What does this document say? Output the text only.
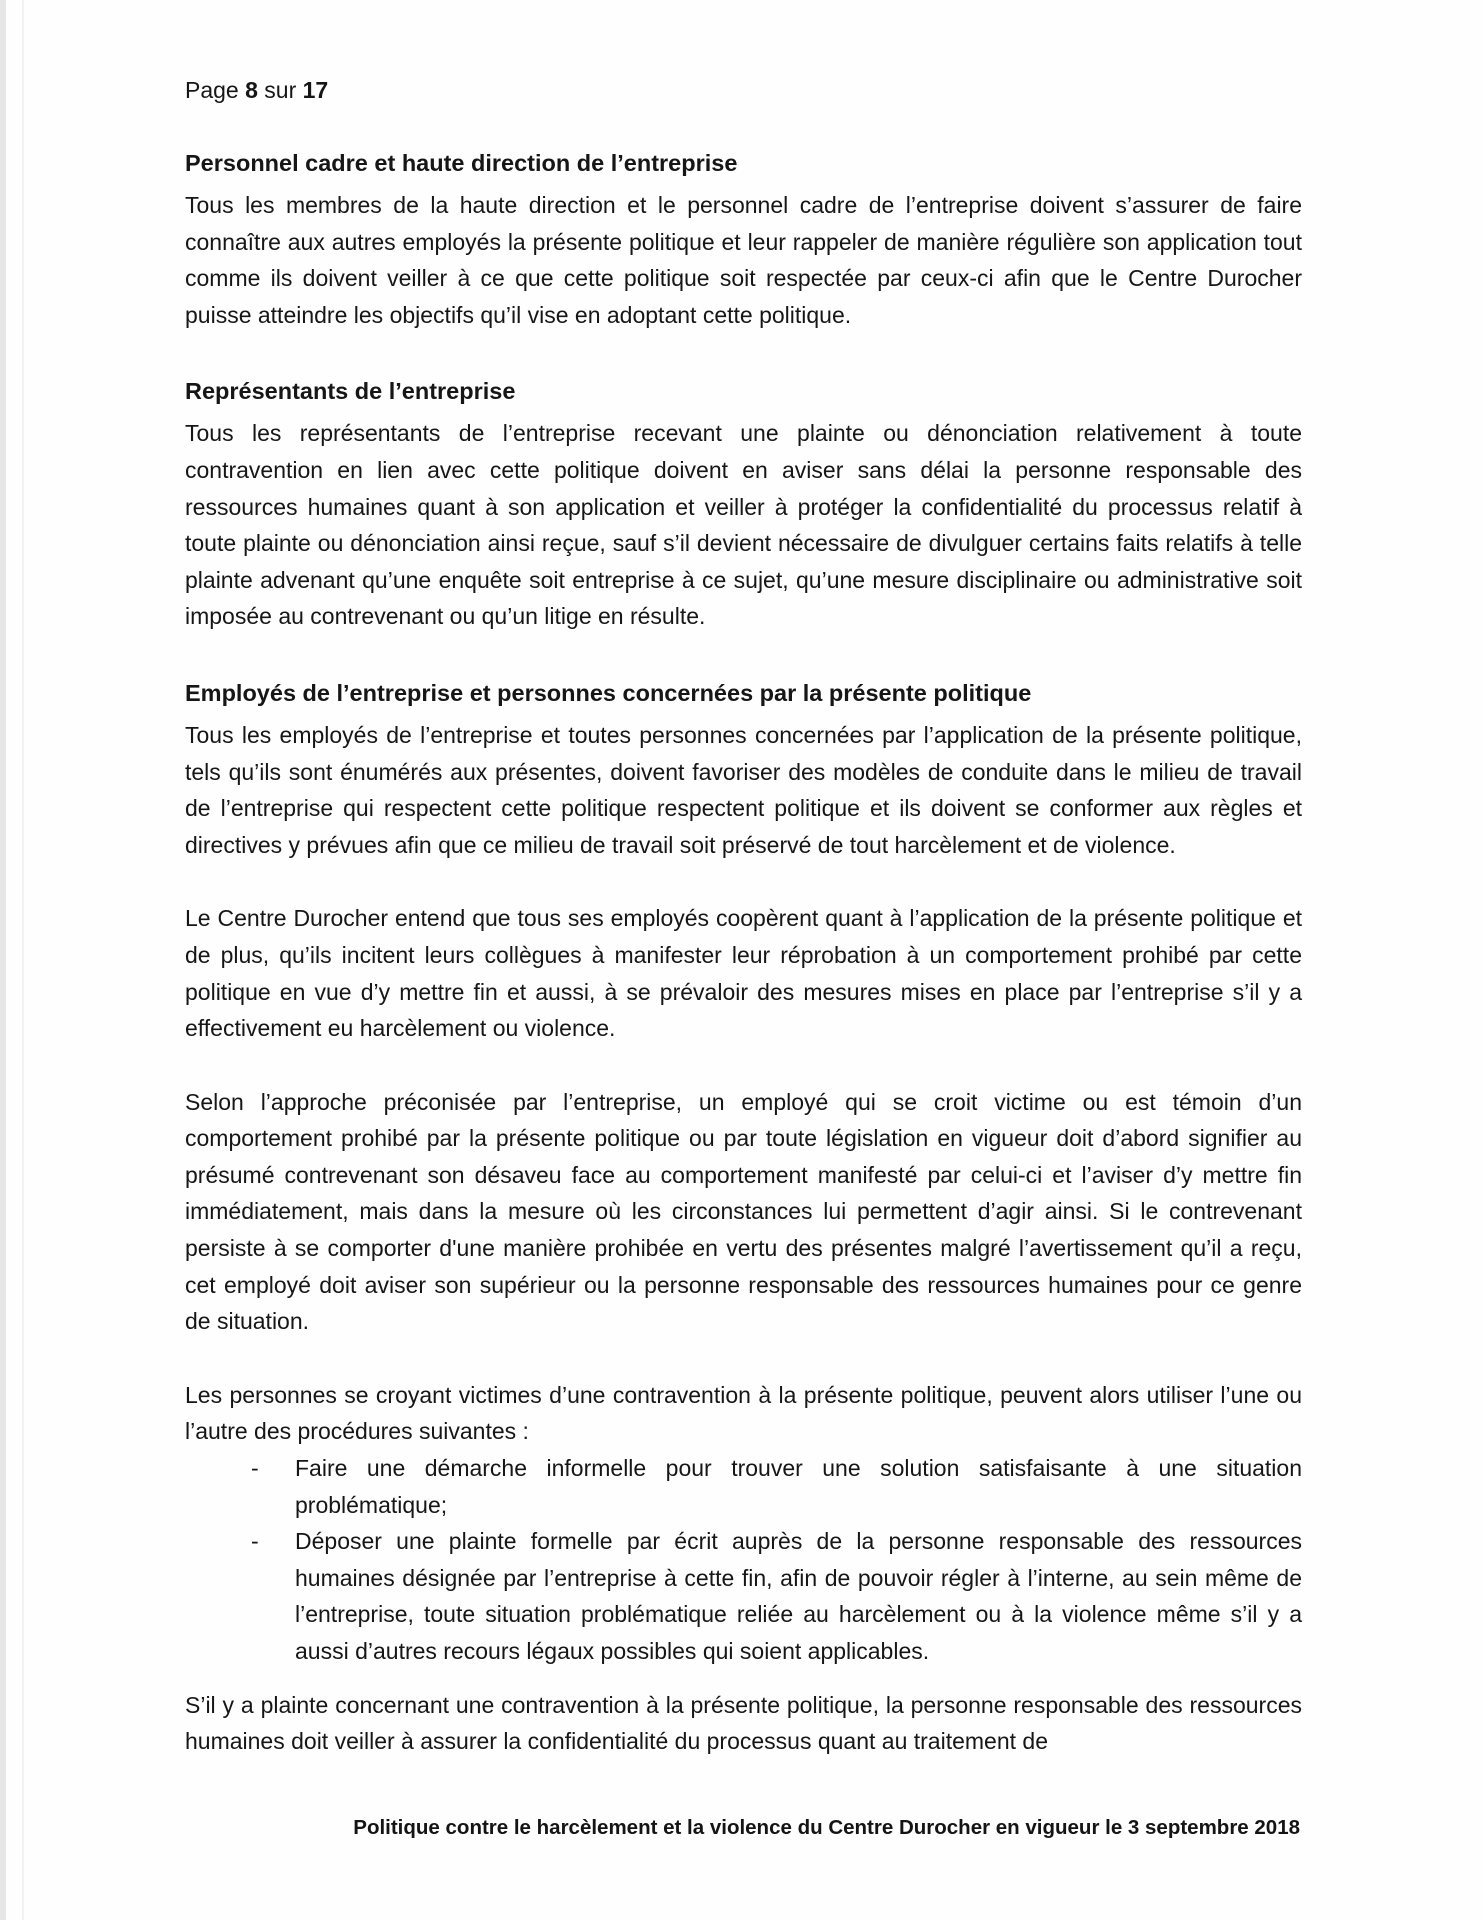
Page 8 sur 17
Personnel cadre et haute direction de l’entreprise

Tous les membres de la haute direction et le personnel cadre de l’entreprise doivent s’assurer de faire connaître aux autres employés la présente politique et leur rappeler de manière régulière son application tout comme ils doivent veiller à ce que cette politique soit respectée par ceux-ci afin que le Centre Durocher puisse atteindre les objectifs qu’il vise en adoptant cette politique.

Représentants de l’entreprise

Tous les représentants de l’entreprise recevant une plainte ou dénonciation relativement à toute contravention en lien avec cette politique doivent en aviser sans délai la personne responsable des ressources humaines quant à son application et veiller à protéger la confidentialité du processus relatif à toute plainte ou dénonciation ainsi reçue, sauf s’il devient nécessaire de divulguer certains faits relatifs à telle plainte advenant qu’une enquête soit entreprise à ce sujet, qu’une mesure disciplinaire ou administrative soit imposée au contrevenant ou qu’un litige en résulte.

Employés de l’entreprise et personnes concernées par la présente politique

Tous les employés de l’entreprise et toutes personnes concernées par l’application de la présente politique, tels qu’ils sont énumérés aux présentes, doivent favoriser des modèles de conduite dans le milieu de travail de l’entreprise qui respectent cette politique respectent politique et ils doivent se conformer aux règles et directives y prévues afin que ce milieu de travail soit préservé de tout harcèlement et de violence.

Le Centre Durocher entend que tous ses employés coopèrent quant à l’application de la présente politique et de plus, qu’ils incitent leurs collègues à manifester leur réprobation à un comportement prohibé par cette politique en vue d’y mettre fin et aussi, à se prévaloir des mesures mises en place par l’entreprise s’il y a effectivement eu harcèlement ou violence.

Selon l’approche préconisée par l’entreprise, un employé qui se croit victime ou est témoin d’un comportement prohibé par la présente politique ou par toute législation en vigueur doit d’abord signifier au présumé contrevenant son désaveu face au comportement manifesté par celui-ci et l’aviser d’y mettre fin immédiatement, mais dans la mesure où les circonstances lui permettent d’agir ainsi. Si le contrevenant persiste à se comporter d'une manière prohibée en vertu des présentes malgré l’avertissement qu’il a reçu, cet employé doit aviser son supérieur ou la personne responsable des ressources humaines pour ce genre de situation.

Les personnes se croyant victimes d’une contravention à la présente politique, peuvent alors utiliser l’une ou l’autre des procédures suivantes :

-	Faire une démarche informelle pour trouver une solution satisfaisante à une situation problématique;
-	Déposer une plainte formelle par écrit auprès de la personne responsable des ressources humaines désignée par l’entreprise à cette fin, afin de pouvoir régler à l’interne, au sein même de l’entreprise, toute situation problématique reliée au harcèlement ou à la violence même s’il y a aussi d’autres recours légaux possibles qui soient applicables.

S’il y a plainte concernant une contravention à la présente politique, la personne responsable des ressources humaines doit veiller à assurer la confidentialité du processus quant au traitement de

Politique contre le harcèlement et la violence du Centre Durocher en vigueur le 3 septembre 2018
